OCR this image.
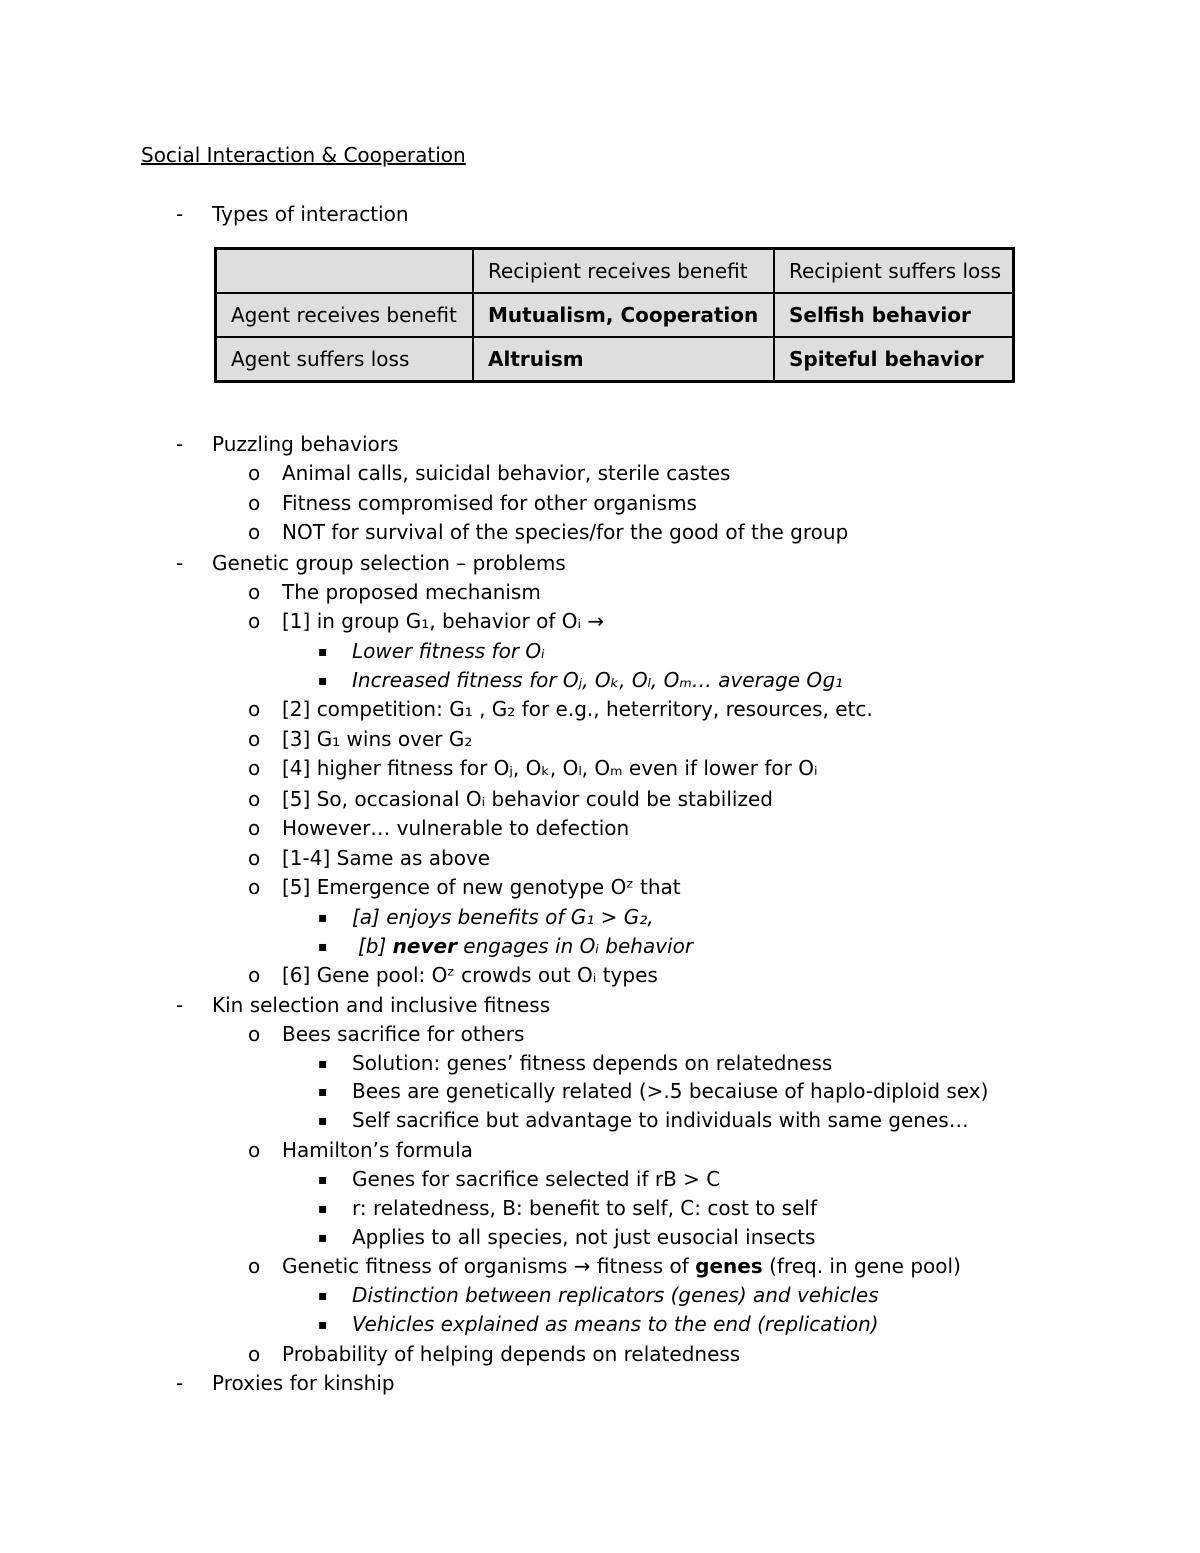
Social Interaction & Cooperation
- Types of interaction
	Recipient receives benefit	Recipient suffers loss
Agent receives benefit	Mutualism, Cooperation	Selfish behavior
Agent suffers loss	Altruism	Spiteful behavior
- Puzzling behaviors
o Animal calls, suicidal behavior, sterile castes
o Fitness compromised for other organisms
o NOT for survival of the species/for the good of the group
- Genetic group selection – problems
o The proposed mechanism
o [1] in group G₁, behavior of Oᵢ →
▪ Lower fitness for Oᵢ
▪ Increased fitness for Oⱼ, Oₖ, Oₗ, Oₘ… average Oɡ₁
o [2] competition: G₁ , G₂ for e.g., heterritory, resources, etc.
o [3] G₁ wins over G₂
o [4] higher fitness for Oⱼ, Oₖ, Oₗ, Oₘ even if lower for Oᵢ
o [5] So, occasional Oᵢ behavior could be stabilized
o However… vulnerable to defection
o [1-4] Same as above
o [5] Emergence of new genotype Oᶻ that
▪ [a] enjoys benefits of G₁ > G₂,
▪ [b] never engages in Oᵢ behavior
o [6] Gene pool: Oᶻ crowds out Oᵢ types
- Kin selection and inclusive fitness
o Bees sacrifice for others
▪ Solution: genes’ fitness depends on relatedness
▪ Bees are genetically related (>.5 becaiuse of haplo-diploid sex)
▪ Self sacrifice but advantage to individuals with same genes…
o Hamilton’s formula
▪ Genes for sacrifice selected if rB > C
▪ r: relatedness, B: benefit to self, C: cost to self
▪ Applies to all species, not just eusocial insects
o Genetic fitness of organisms → fitness of genes (freq. in gene pool)
▪ Distinction between replicators (genes) and vehicles
▪ Vehicles explained as means to the end (replication)
o Probability of helping depends on relatedness
- Proxies for kinship
